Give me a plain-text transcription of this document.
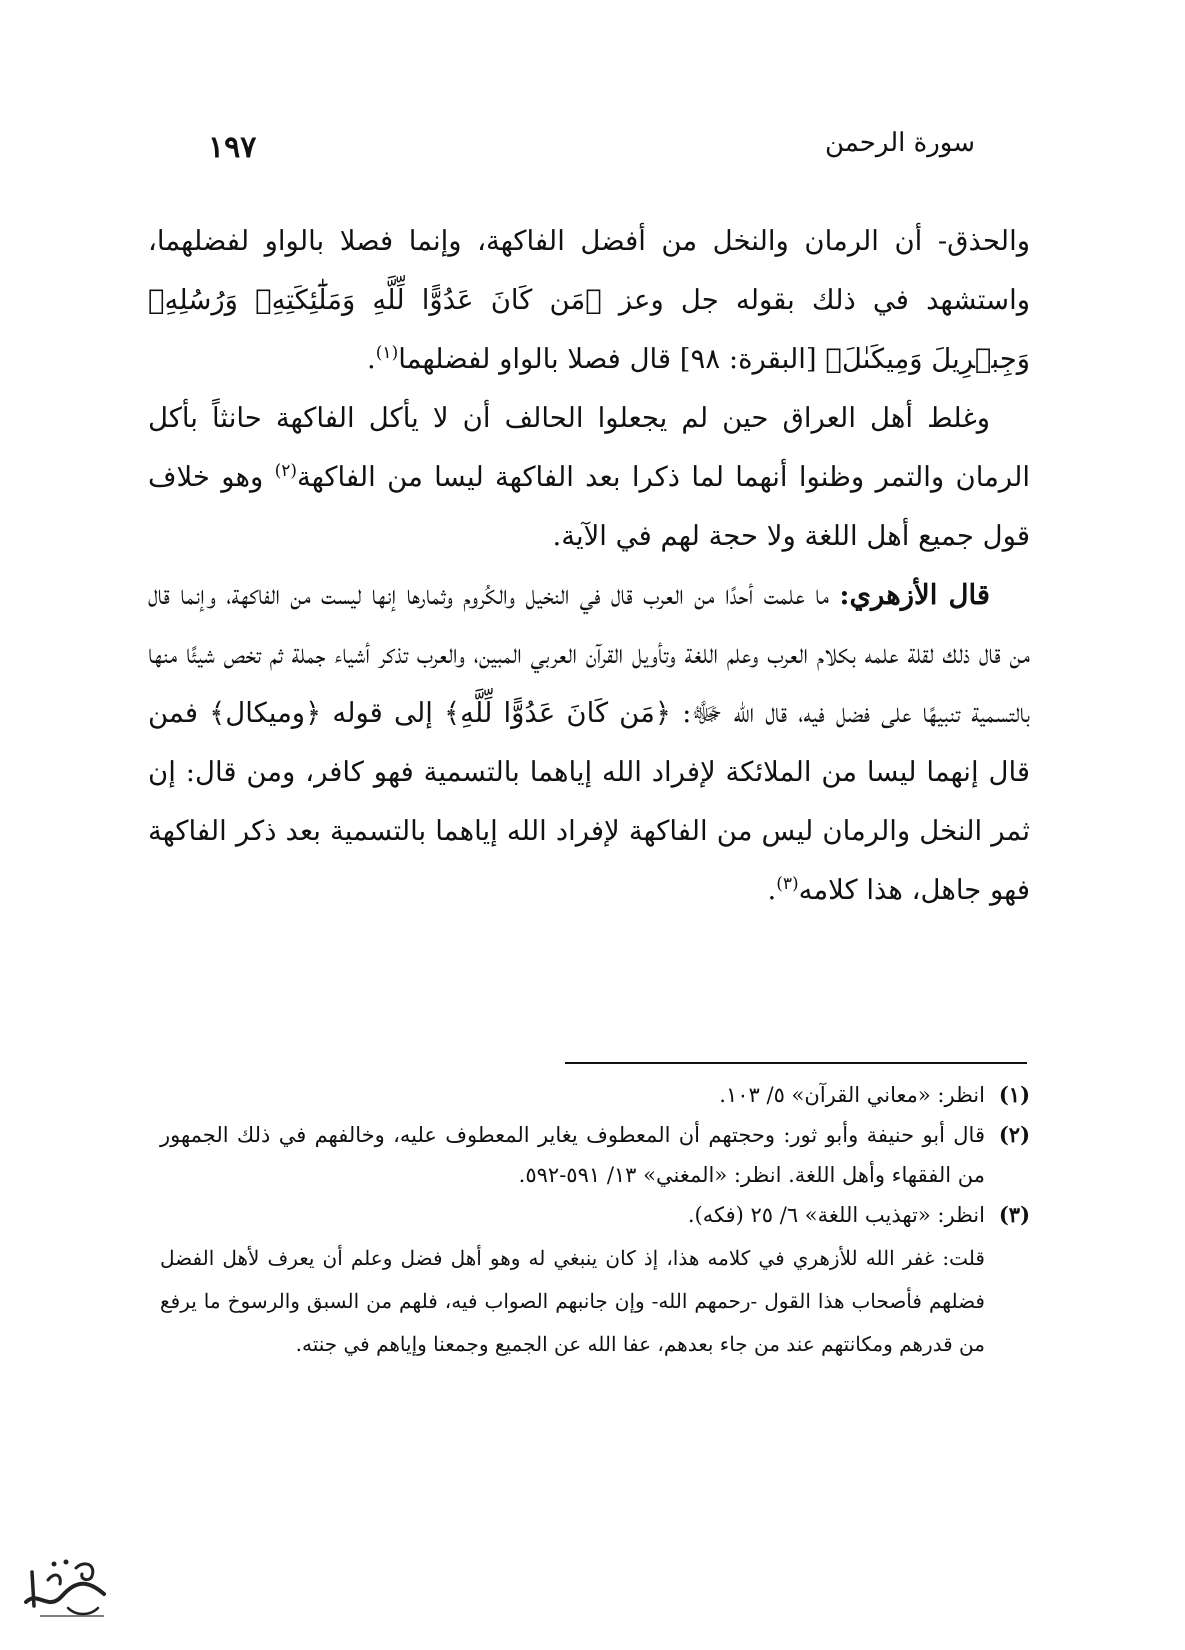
سورة الرحمن
١٩٧

والحذق- أن الرمان والنخل من أفضل الفاكهة، وإنما فصلا بالواو لفضلهما، واستشهد في ذلك بقوله جل وعز ﴿مَن كَانَ عَدُوًّا لِّلَّهِ وَمَلَٰٓئِكَتِهِۦ وَرُسُلِهِۦ وَجِبۡرِيلَ وَمِيكَىٰلَ﴾ [البقرة: ٩٨] قال فصلا بالواو لفضلهما$^{(١)}$.

وغلط أهل العراق حين لم يجعلوا الحالف أن لا يأكل الفاكهة حانثاً بأكل الرمان والتمر وظنوا أنهما لما ذكرا بعد الفاكهة ليسا من الفاكهة$^{(٢)}$ وهو خلاف قول جميع أهل اللغة ولا حجة لهم في الآية.

قال الأزهري: ما علمت أحدًا من العرب قال في النخيل والكُروم وثمارها إنها ليست من الفاكهة، وإنما قال من قال ذلك لقلة علمه بكلام العرب وعلم اللغة وتأويل القرآن العربي المبين، والعرب تذكر أشياء جملة ثم تخص شيئًا منها بالتسمية تنبيهًا على فضل فيه، قال الله ﷻ: ﴿مَن كَانَ عَدُوًّا لِّلَّهِ﴾ إلى قوله ﴿وميكال﴾ فمن قال إنهما ليسا من الملائكة لإفراد الله إياهما بالتسمية فهو كافر، ومن قال: إن ثمر النخل والرمان ليس من الفاكهة لإفراد الله إياهما بالتسمية بعد ذكر الفاكهة فهو جاهل، هذا كلامه$^{(٣)}$.

(١)
انظر: «معاني القرآن» ٥/ ١٠٣.
(٢)
قال أبو حنيفة وأبو ثور: وحجتهم أن المعطوف يغاير المعطوف عليه، وخالفهم في ذلك الجمهور من الفقهاء وأهل اللغة. انظر: «المغني» ١٣/ ٥٩١-٥٩٢.
(٣)
انظر: «تهذيب اللغة» ٦/ ٢٥ (فكه).
قلت: غفر الله للأزهري في كلامه هذا، إذ كان ينبغي له وهو أهل فضل وعلم أن يعرف لأهل الفضل فضلهم فأصحاب هذا القول -رحمهم الله- وإن جانبهم الصواب فيه، فلهم من السبق والرسوخ ما يرفع من قدرهم ومكانتهم عند من جاء بعدهم، عفا الله عن الجميع وجمعنا وإياهم في جنته.
